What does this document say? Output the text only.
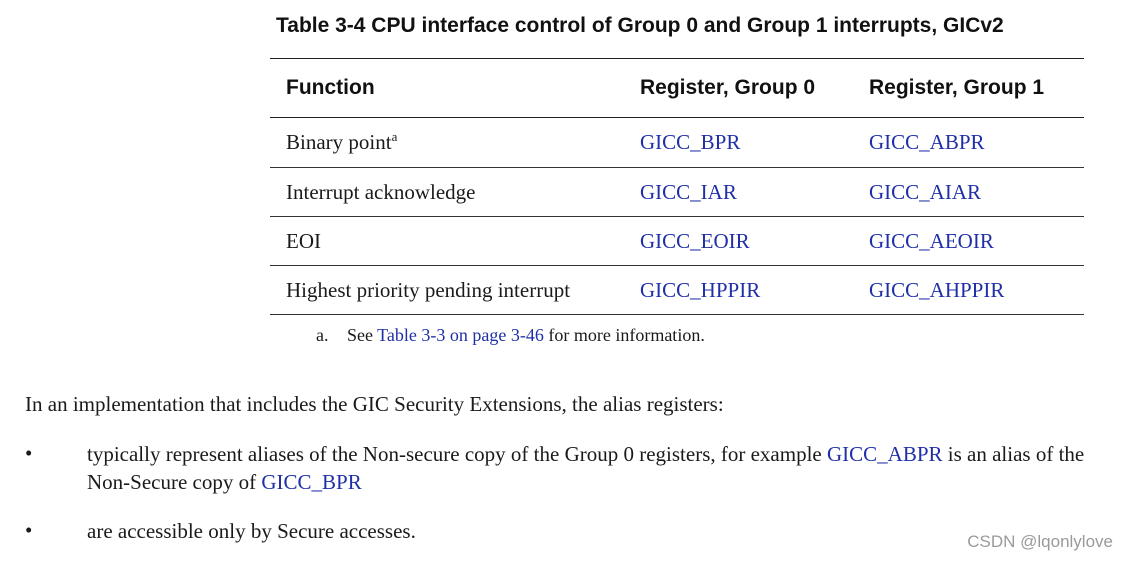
Table 3-4 CPU interface control of Group 0 and Group 1 interrupts, GICv2
Function	Register, Group 0	Register, Group 1
Binary point$^a$	GICC_BPR	GICC_ABPR
Interrupt acknowledge	GICC_IAR	GICC_AIAR
EOI	GICC_EOIR	GICC_AEOIR
Highest priority pending interrupt	GICC_HPPIR	GICC_AHPPIR
a. See Table 3-3 on page 3-46 for more information.
In an implementation that includes the GIC Security Extensions, the alias registers:
•	typically represent aliases of the Non-secure copy of the Group 0 registers, for example GICC_ABPR is an alias of the Non-Secure copy of GICC_BPR
•	are accessible only by Secure accesses.	CSDN @lqonlylove
